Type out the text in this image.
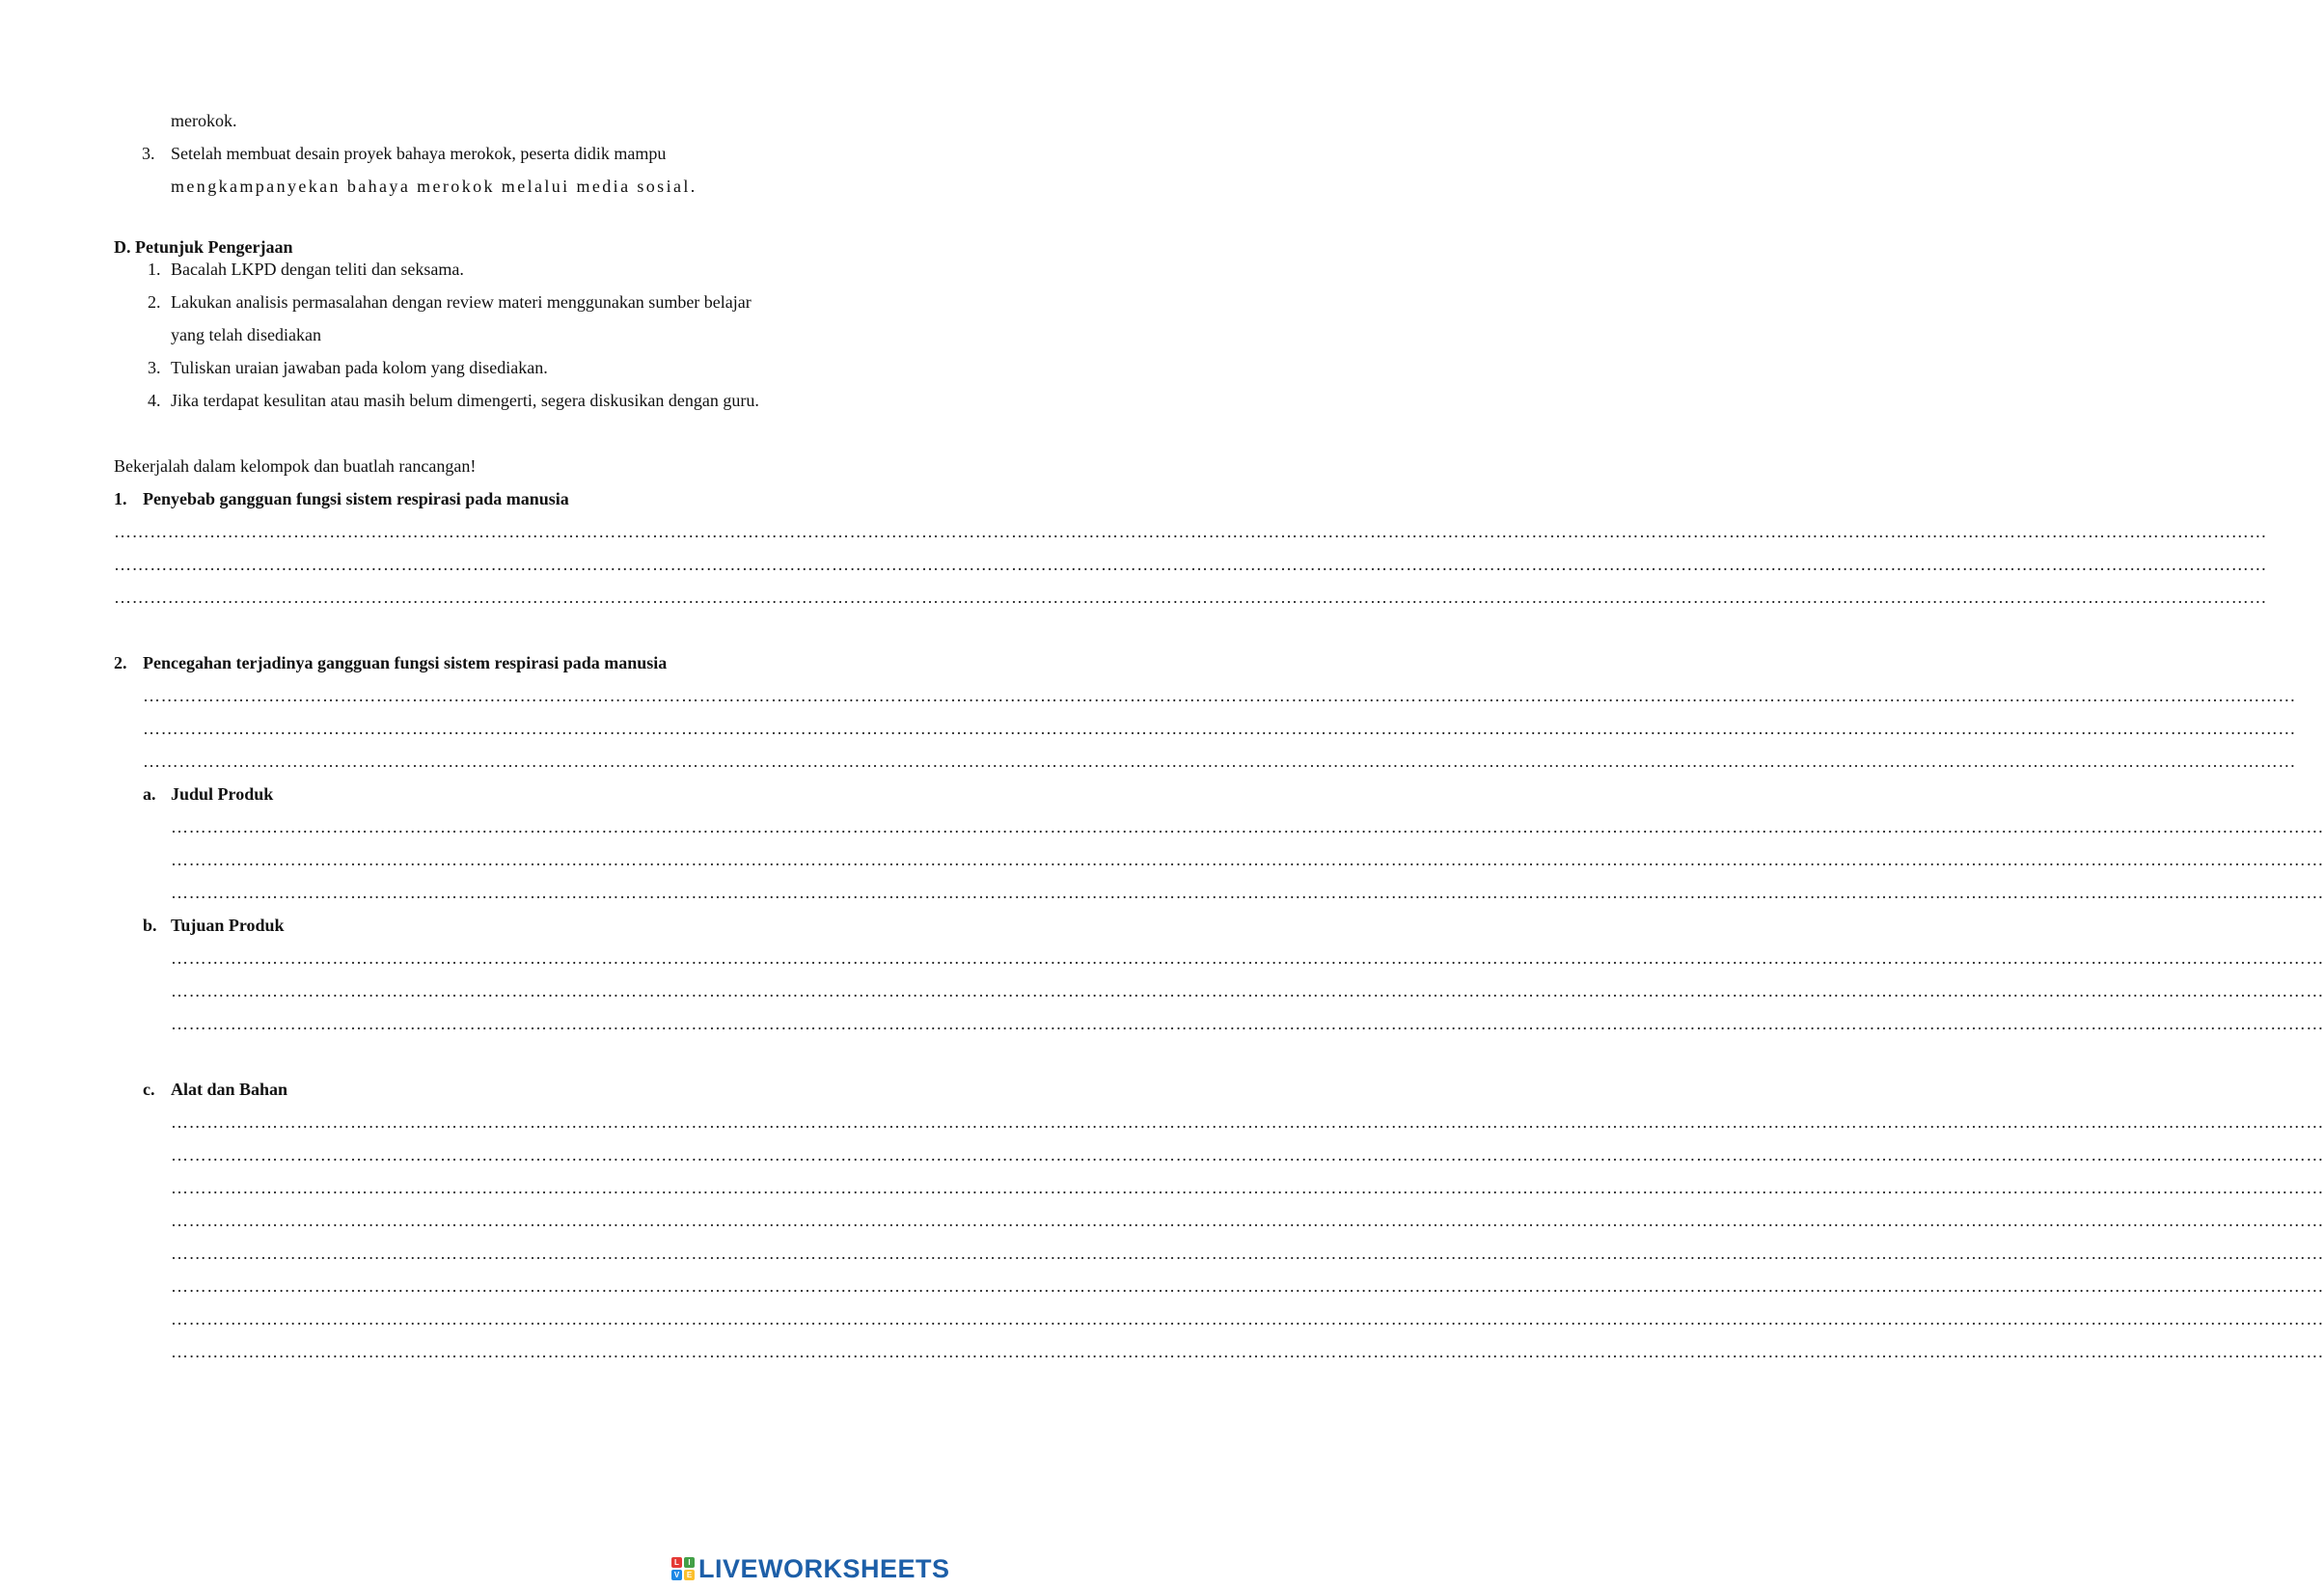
merokok.
3. Setelah membuat desain proyek bahaya merokok, peserta didik mampu
mengkampanyekan bahaya merokok melalui media sosial.
D. Petunjuk Pengerjaan
1. Bacalah LKPD dengan teliti dan seksama.
2. Lakukan analisis permasalahan dengan review materi menggunakan sumber belajar
yang telah disediakan
3. Tuliskan uraian jawaban pada kolom yang disediakan.
4. Jika terdapat kesulitan atau masih belum dimengerti, segera diskusikan dengan guru.
Bekerjalah dalam kelompok dan buatlah rancangan!
1. Penyebab gangguan fungsi sistem respirasi pada manusia
………………………………………………………………………………………………………………………………………………………………………………………………………………………………………………………………………………………………………………………………
………………………………………………………………………………………………………………………………………………………………………………………………………………………………………………………………………………………………………………………………
………………………………………………………………………………………………………………………………………………………………………………………………………………………………………………………………………………………………………………………………
2. Pencegahan terjadinya gangguan fungsi sistem respirasi pada manusia
………………………………………………………………………………………………………………………………………………………………………………………………………………………………………………………………………………………………………………………………
………………………………………………………………………………………………………………………………………………………………………………………………………………………………………………………………………………………………………………………………
………………………………………………………………………………………………………………………………………………………………………………………………………………………………………………………………………………………………………………………………
a. Judul Produk
………………………………………………………………………………………………………………………………………………………………………………………………………………………………………………………………………………………………………………………………
………………………………………………………………………………………………………………………………………………………………………………………………………………………………………………………………………………………………………………………………
………………………………………………………………………………………………………………………………………………………………………………………………………………………………………………………………………………………………………………………………
b. Tujuan Produk
………………………………………………………………………………………………………………………………………………………………………………………………………………………………………………………………………………………………………………………………
………………………………………………………………………………………………………………………………………………………………………………………………………………………………………………………………………………………………………………………………
………………………………………………………………………………………………………………………………………………………………………………………………………………………………………………………………………………………………………………………………
c. Alat dan Bahan
………………………………………………………………………………………………………………………………………………………………………………………………………………………………………………………………………………………………………………………………
………………………………………………………………………………………………………………………………………………………………………………………………………………………………………………………………………………………………………………………………
………………………………………………………………………………………………………………………………………………………………………………………………………………………………………………………………………………………………………………………………
………………………………………………………………………………………………………………………………………………………………………………………………………………………………………………………………………………………………………………………………
………………………………………………………………………………………………………………………………………………………………………………………………………………………………………………………………………………………………………………………………
………………………………………………………………………………………………………………………………………………………………………………………………………………………………………………………………………………………………………………………………
………………………………………………………………………………………………………………………………………………………………………………………………………………………………………………………………………………………………………………………………
………………………………………………………………………………………………………………………………………………………………………………………………………………………………………………………………………………………………………………………………
L	I
V E LIVEWORKSHEETS
